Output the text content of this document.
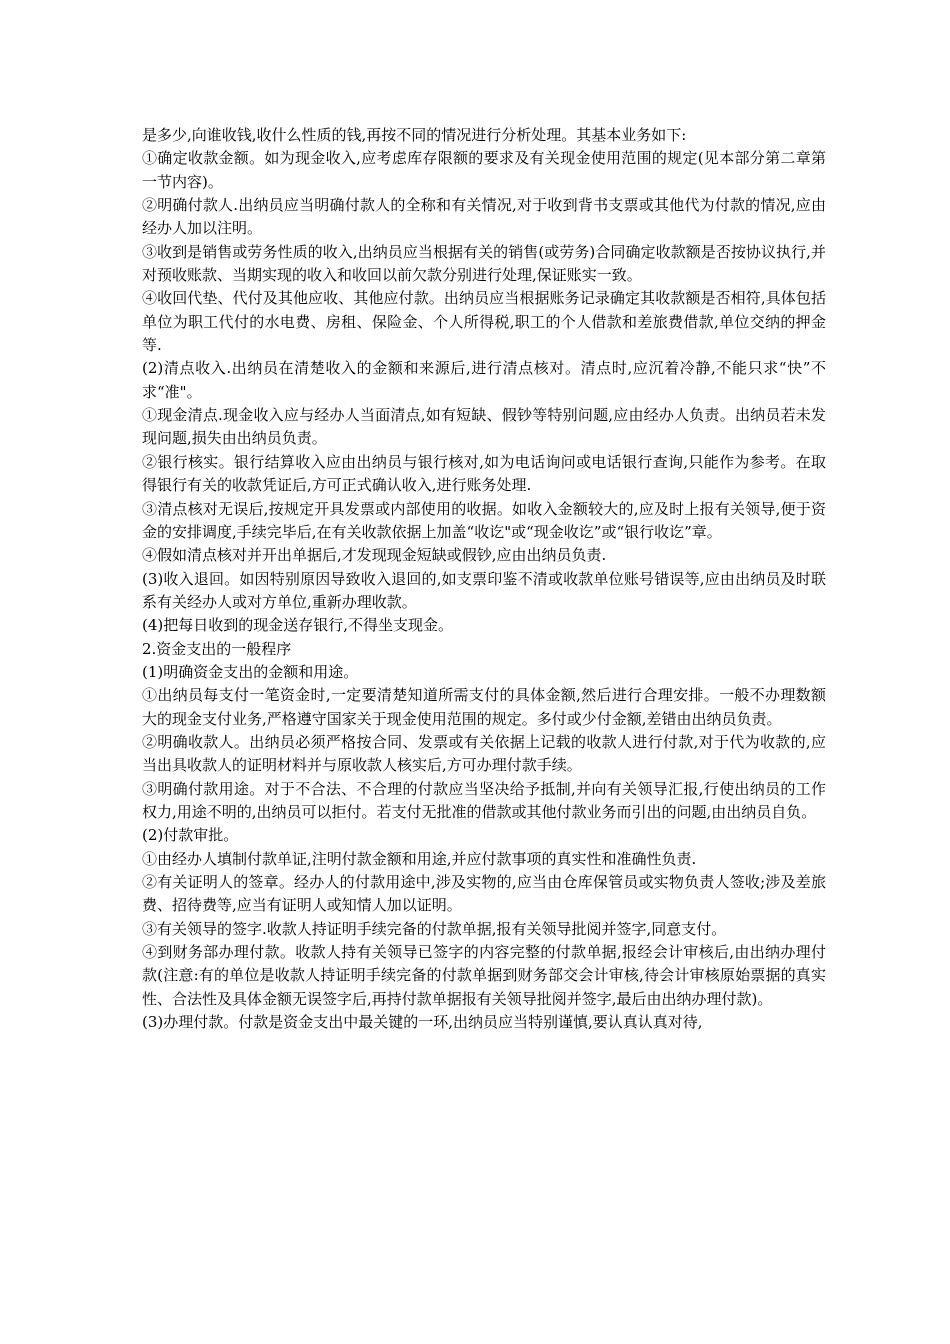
是多少,向谁收钱,收什么性质的钱,再按不同的情况进行分析处理。其基本业务如下:

①确定收款金额。如为现金收入,应考虑库存限额的要求及有关现金使用范围的规定(见本部分第二章第一节内容)。

②明确付款人.出纳员应当明确付款人的全称和有关情况,对于收到背书支票或其他代为付款的情况,应由经办人加以注明。

③收到是销售或劳务性质的收入,出纳员应当根据有关的销售(或劳务)合同确定收款额是否按协议执行,并对预收账款、当期实现的收入和收回以前欠款分别进行处理,保证账实一致。

④收回代垫、代付及其他应收、其他应付款。出纳员应当根据账务记录确定其收款额是否相符,具体包括单位为职工代付的水电费、房租、保险金、个人所得税,职工的个人借款和差旅费借款,单位交纳的押金等.

(2)清点收入.出纳员在清楚收入的金额和来源后,进行清点核对。清点时,应沉着冷静,不能只求“快”不求“准"。

①现金清点.现金收入应与经办人当面清点,如有短缺、假钞等特别问题,应由经办人负责。出纳员若未发现问题,损失由出纳员负责。

②银行核实。银行结算收入应由出纳员与银行核对,如为电话询问或电话银行查询,只能作为参考。在取得银行有关的收款凭证后,方可正式确认收入,进行账务处理.

③清点核对无误后,按规定开具发票或内部使用的收据。如收入金额较大的,应及时上报有关领导,便于资金的安排调度,手续完毕后,在有关收款依据上加盖“收讫"或“现金收讫”或“银行收讫”章。

④假如清点核对并开出单据后,才发现现金短缺或假钞,应由出纳员负责.

(3)收入退回。如因特别原因导致收入退回的,如支票印鉴不清或收款单位账号错误等,应由出纳员及时联系有关经办人或对方单位,重新办理收款。

(4)把每日收到的现金送存银行,不得坐支现金。

2.资金支出的一般程序

(1)明确资金支出的金额和用途。

①出纳员每支付一笔资金时,一定要清楚知道所需支付的具体金额,然后进行合理安排。一般不办理数额大的现金支付业务,严格遵守国家关于现金使用范围的规定。多付或少付金额,差错由出纳员负责。

②明确收款人。出纳员必须严格按合同、发票或有关依据上记载的收款人进行付款,对于代为收款的,应当出具收款人的证明材料并与原收款人核实后,方可办理付款手续。

③明确付款用途。对于不合法、不合理的付款应当坚决给予抵制,并向有关领导汇报,行使出纳员的工作权力,用途不明的,出纳员可以拒付。若支付无批准的借款或其他付款业务而引出的问题,由出纳员自负。

(2)付款审批。

①由经办人填制付款单证,注明付款金额和用途,并应付款事项的真实性和准确性负责.

②有关证明人的签章。经办人的付款用途中,涉及实物的,应当由仓库保管员或实物负责人签收;涉及差旅费、招待费等,应当有证明人或知情人加以证明。

③有关领导的签字.收款人持证明手续完备的付款单据,报有关领导批阅并签字,同意支付。

④到财务部办理付款。收款人持有关领导已签字的内容完整的付款单据,报经会计审核后,由出纳办理付款(注意:有的单位是收款人持证明手续完备的付款单据到财务部交会计审核,待会计审核原始票据的真实性、合法性及具体金额无误签字后,再持付款单据报有关领导批阅并签字,最后由出纳办理付款)。

(3)办理付款。付款是资金支出中最关键的一环,出纳员应当特别谨慎,要认真认真对待,
